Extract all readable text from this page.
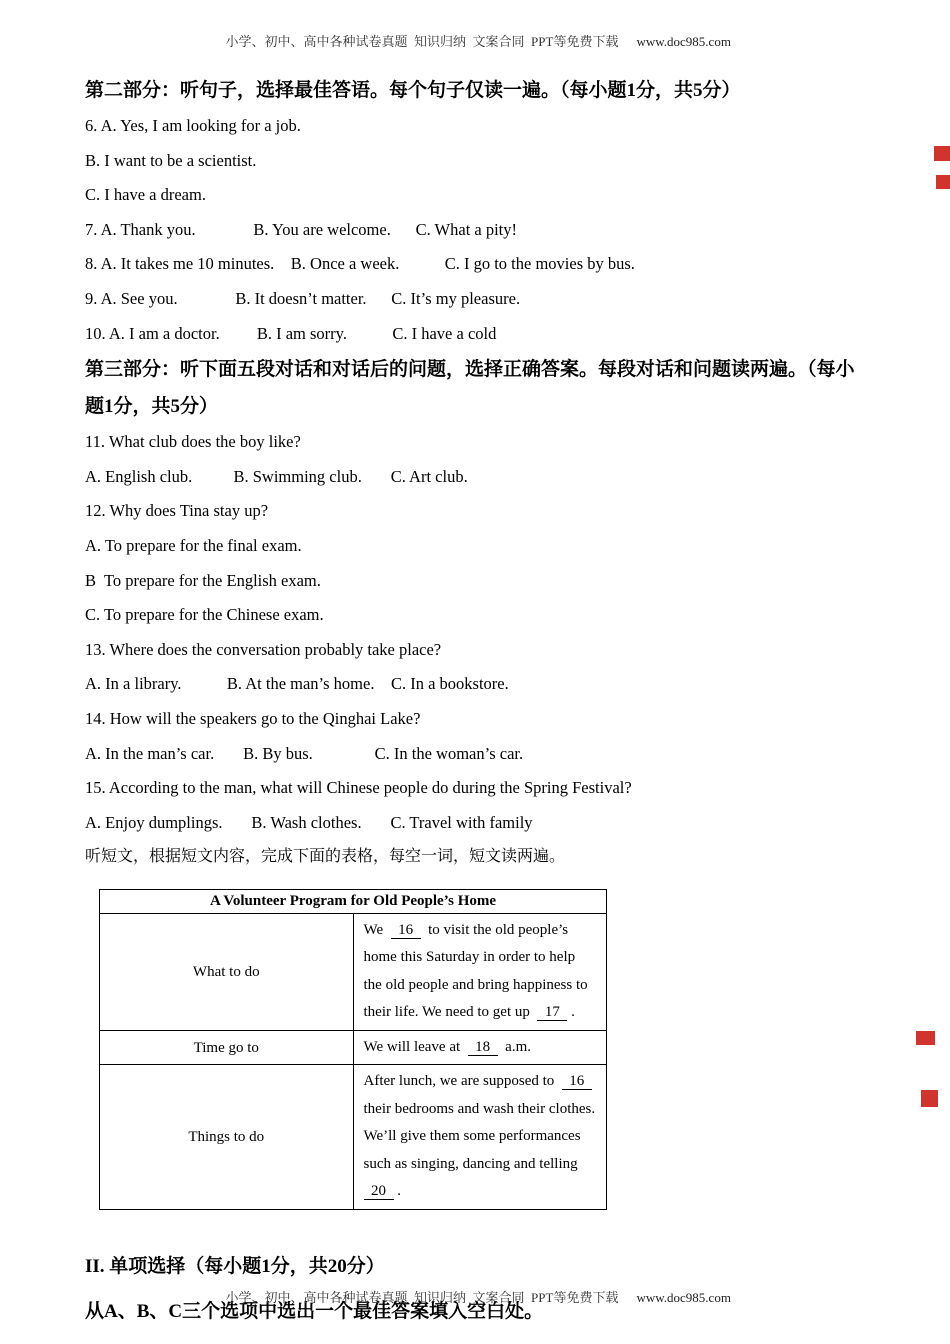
小学、初中、高中各种试卷真题  知识归纳  文案合同  PPT等免费下载 www.doc985.com

第二部分：听句子，选择最佳答语。每个句子仅读一遍。（每小题1分，共5分）
6. A. Yes, I am looking for a job.
B. I want to be a scientist.
C. I have a dream.
7. A. Thank you.              B. You are welcome.      C. What a pity!
8. A. It takes me 10 minutes.    B. Once a week.           C. I go to the movies by bus.
9. A. See you.              B. It doesn’t matter.      C. It’s my pleasure.
10. A. I am a doctor.         B. I am sorry.           C. I have a cold
第三部分：听下面五段对话和对话后的问题，选择正确答案。每段对话和问题读两遍。（每小题1分，共5分）
11. What club does the boy like?
A. English club.          B. Swimming club.       C. Art club.
12. Why does Tina stay up?
A. To prepare for the final exam.
B  To prepare for the English exam.
C. To prepare for the Chinese exam.
13. Where does the conversation probably take place?
A. In a library.           B. At the man’s home.    C. In a bookstore.
14. How will the speakers go to the Qinghai Lake?
A. In the man’s car.       B. By bus.               C. In the woman’s car.
15. According to the man, what will Chinese people do during the Spring Festival?
A. Enjoy dumplings.       B. Wash clothes.       C. Travel with family
听短文，根据短文内容，完成下面的表格，每空一词，短文读两遍。
A Volunteer Program for Old People’s Home	
What to do	We    16    to visit the old people’s home this Saturday in order to help the old people and bring happiness to their life. We need to get up    17   .
Time go to	We will leave at    18    a.m.
Things to do	After lunch, we are supposed to    16    their bedrooms and wash their clothes. We’ll give them some performances such as singing, dancing and telling    20   .
II. 单项选择（每小题1分，共20分）
从A、B、C三个选项中选出一个最佳答案填入空白处。

小学、初中、高中各种试卷真题  知识归纳  文案合同  PPT等免费下载 www.doc985.com
